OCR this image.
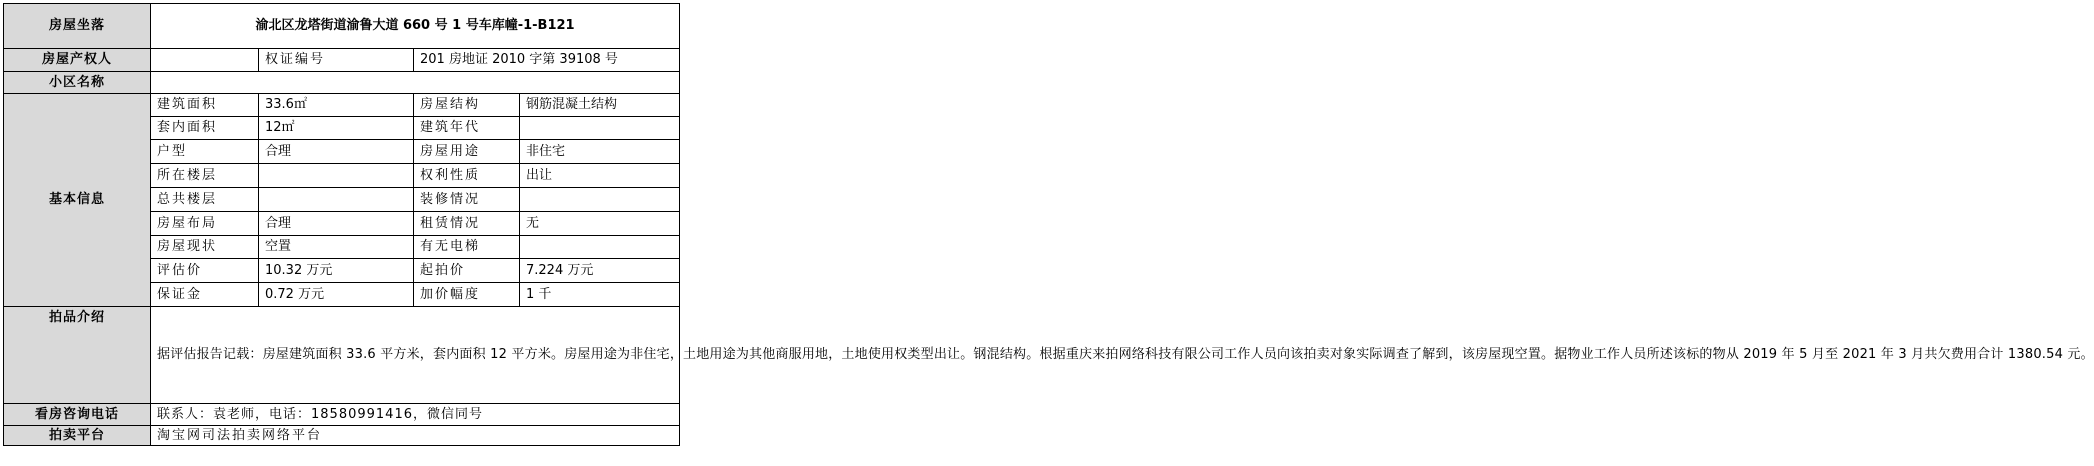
房屋坐落	渝北区龙塔街道渝鲁大道 660 号 1 号车库幢-1-B121			
房屋产权人		权证编号	201 房地证 2010 字第 39108 号	
小区名称				
基本信息	建筑面积	33.6㎡	房屋结构	钢筋混凝土结构
	套内面积	12㎡	建筑年代	
	户型	合理	房屋用途	非住宅
	所在楼层		权利性质	出让
	总共楼层		装修情况	
	房屋布局	合理	租赁情况	无
	房屋现状	空置	有无电梯	
	评估价	10.32 万元	起拍价	7.224 万元
	保证金	0.72 万元	加价幅度	1 千
拍品介绍	据评估报告记载：房屋建筑面积 33.6 平方米，套内面积 12 平方米。房屋用途为非住宅，土地用途为其他商服用地，土地使用权类型出让。钢混结构。根据重庆来拍网络科技有限公司工作人员向该拍卖对象实际调查了解到，该房屋现空置。据物业工作人员所述该标的物从 2019 年 5 月至 2021 年 3 月共欠费用合计 1380.54 元。			
看房咨询电话	联系人：袁老师，电话：18580991416，微信同号			
拍卖平台	淘宝网司法拍卖网络平台			
